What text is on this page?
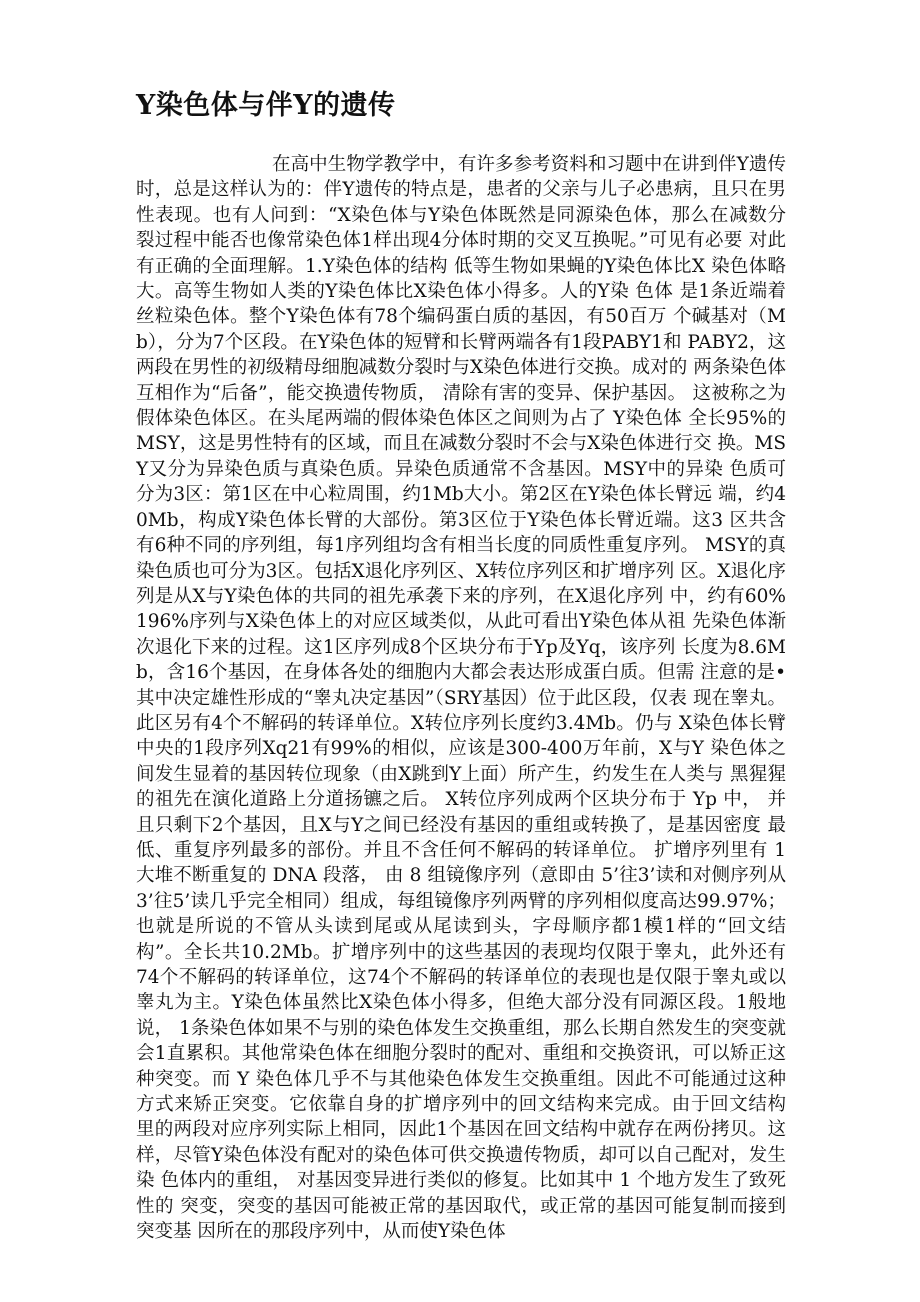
Y染色体与伴Y的遗传

在高中生物学教学中，有许多参考资料和习题中在讲到伴Y遗传时，总是这样认为的：伴Y遗传的特点是，患者的父亲与儿子必患病，且只在男性表现。也有人问到：“X染色体与Y染色体既然是同源染色体，那么在减数分 裂过程中能否也像常染色体1样出现4分体时期的交叉互换呢。”可见有必要 对此有正确的全面理解。1.Y染色体的结构 低等生物如果蝇的Y染色体比X 染色体略大。高等生物如人类的Y染色体比X染色体小得多。人的Y染 色体 是1条近端着丝粒染色体。整个Y染色体有78个编码蛋白质的基因，有50百万 个碱基对（Mb），分为7个区段。在Y染色体的短臂和长臂两端各有1段PABY1和 PABY2，这两段在男性的初级精母细胞减数分裂时与X染色体进行交换。成对的 两条染色体互相作为“后备”，能交换遗传物质， 清除有害的变异、保护基因。 这被称之为假体染色体区。在头尾两端的假体染色体区之间则为占了 Y染色体 全长95%的MSY，这是男性特有的区域，而且在减数分裂时不会与X染色体进行交 换。MSY又分为异染色质与真染色质。异染色质通常不含基因。MSY中的异染 色质可分为3区：第1区在中心粒周围，约1Mb大小。第2区在Y染色体长臂远 端，约40Mb，构成Y染色体长臂的大部份。第3区位于Y染色体长臂近端。这3 区共含有6种不同的序列组，每1序列组均含有相当长度的同质性重复序列。 MSY的真染色质也可分为3区。包括X退化序列区、X转位序列区和扩增序列 区。X退化序列是从X与Y染色体的共同的祖先承袭下来的序列，在X退化序列 中，约有60%196%序列与X染色体上的对应区域类似，从此可看出Y染色体从祖 先染色体渐次退化下来的过程。这1区序列成8个区块分布于Yp及Yq，该序列 长度为8.6Mb，含16个基因，在身体各处的细胞内大都会表达形成蛋白质。但需 注意的是•其中决定雄性形成的“睾丸决定基因”（SRY基因）位于此区段，仅表 现在睾丸。此区另有4个不解码的转译单位。X转位序列长度约3.4Mb。仍与 X染色体长臂中央的1段序列Xq21有99%的相似，应该是300-400万年前，X与Y 染色体之间发生显着的基因转位现象（由X跳到Y上面）所产生，约发生在人类与 黑猩猩的祖先在演化道路上分道扬镳之后。 X转位序列成两个区块分布于 Yp 中， 并且只剩下2个基因，且X与Y之间已经没有基因的重组或转换了，是基因密度 最低、重复序列最多的部份。并且不含任何不解码的转译单位。 扩增序列里有 1 大堆不断重复的 DNA 段落， 由 8 组镜像序列（意即由 5’往3’读和对侧序列从 3’往5’读几乎完全相同）组成，每组镜像序列两臂的序列相似度高达99.97%；也就是所说的不管从头读到尾或从尾读到头，字母顺序都1模1样的“回文结 构”。全长共10.2Mb。扩增序列中的这些基因的表现均仅限于睾丸，此外还有 74个不解码的转译单位，这74个不解码的转译单位的表现也是仅限于睾丸或以 睾丸为主。Y染色体虽然比X染色体小得多，但绝大部分没有同源区段。1般地 说， 1条染色体如果不与别的染色体发生交换重组，那么长期自然发生的突变就 会1直累积。其他常染色体在细胞分裂时的配对、重组和交换资讯，可以矫正这 种突变。而 Y 染色体几乎不与其他染色体发生交换重组。因此不可能通过这种 方式来矫正突变。它依靠自身的扩增序列中的回文结构来完成。由于回文结构 里的两段对应序列实际上相同，因此1个基因在回文结构中就存在两份拷贝。这 样，尽管Y染色体没有配对的染色体可供交换遗传物质，却可以自己配对，发生染 色体内的重组， 对基因变异进行类似的修复。比如其中 1 个地方发生了致死性的 突变，突变的基因可能被正常的基因取代，或正常的基因可能复制而接到突变基 因所在的那段序列中，从而使Y染色体
